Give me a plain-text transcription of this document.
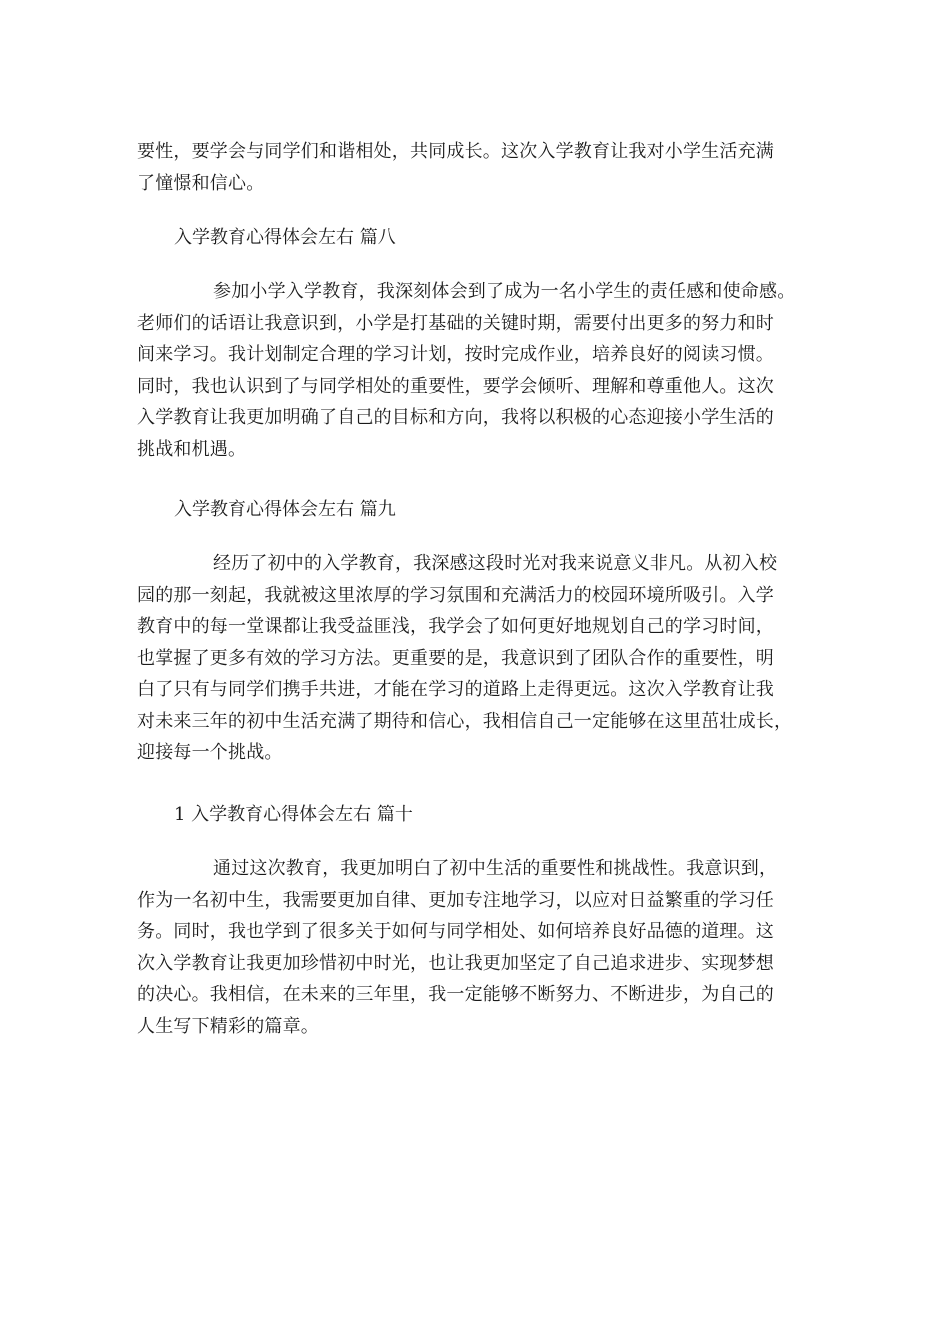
要性，要学会与同学们和谐相处，共同成长。这次入学教育让我对小学生活充满
了憧憬和信心。
入学教育心得体会左右 篇八
参加小学入学教育，我深刻体会到了成为一名小学生的责任感和使命感。
老师们的话语让我意识到，小学是打基础的关键时期，需要付出更多的努力和时
间来学习。我计划制定合理的学习计划，按时完成作业，培养良好的阅读习惯。
同时，我也认识到了与同学相处的重要性，要学会倾听、理解和尊重他人。这次
入学教育让我更加明确了自己的目标和方向，我将以积极的心态迎接小学生活的
挑战和机遇。
入学教育心得体会左右 篇九
经历了初中的入学教育，我深感这段时光对我来说意义非凡。从初入校
园的那一刻起，我就被这里浓厚的学习氛围和充满活力的校园环境所吸引。入学
教育中的每一堂课都让我受益匪浅，我学会了如何更好地规划自己的学习时间，
也掌握了更多有效的学习方法。更重要的是，我意识到了团队合作的重要性，明
白了只有与同学们携手共进，才能在学习的道路上走得更远。这次入学教育让我
对未来三年的初中生活充满了期待和信心，我相信自己一定能够在这里茁壮成长，
迎接每一个挑战。
1 入学教育心得体会左右 篇十
通过这次教育，我更加明白了初中生活的重要性和挑战性。我意识到，
作为一名初中生，我需要更加自律、更加专注地学习，以应对日益繁重的学习任
务。同时，我也学到了很多关于如何与同学相处、如何培养良好品德的道理。这
次入学教育让我更加珍惜初中时光，也让我更加坚定了自己追求进步、实现梦想
的决心。我相信，在未来的三年里，我一定能够不断努力、不断进步，为自己的
人生写下精彩的篇章。
